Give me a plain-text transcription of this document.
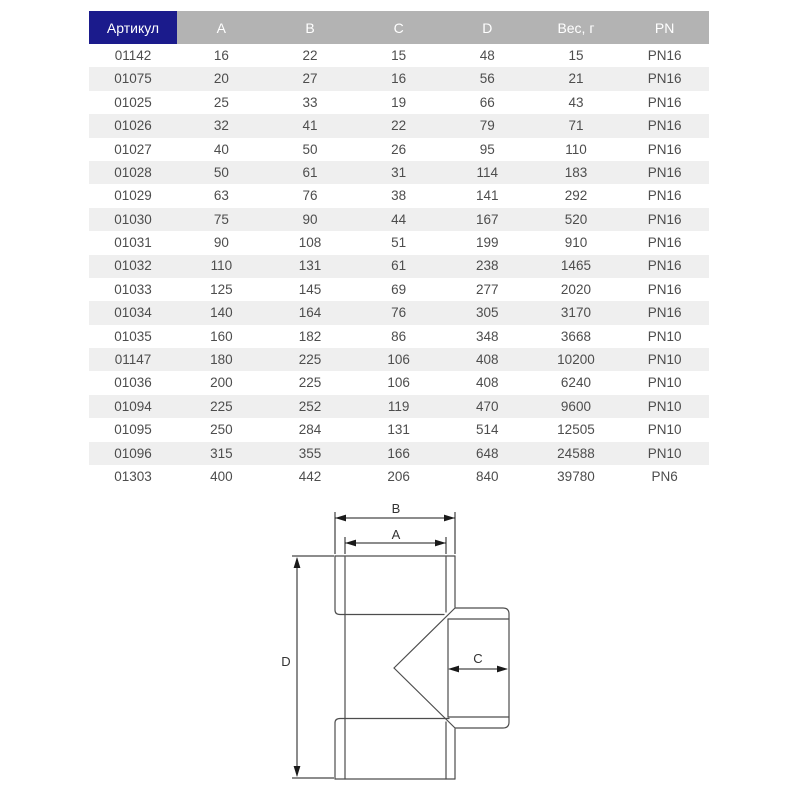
Артикул	A	B	C	D	Вес, г	PN
01142	16	22	15	48	15	PN16
01075	20	27	16	56	21	PN16
01025	25	33	19	66	43	PN16
01026	32	41	22	79	71	PN16
01027	40	50	26	95	110	PN16
01028	50	61	31	114	183	PN16
01029	63	76	38	141	292	PN16
01030	75	90	44	167	520	PN16
01031	90	108	51	199	910	PN16
01032	110	131	61	238	1465	PN16
01033	125	145	69	277	2020	PN16
01034	140	164	76	305	3170	PN16
01035	160	182	86	348	3668	PN10
01147	180	225	106	408	10200	PN10
01036	200	225	106	408	6240	PN10
01094	225	252	119	470	9600	PN10
01095	250	284	131	514	12505	PN10
01096	315	355	166	648	24588	PN10
01303	400	442	206	840	39780	PN6
B
A
D	C
